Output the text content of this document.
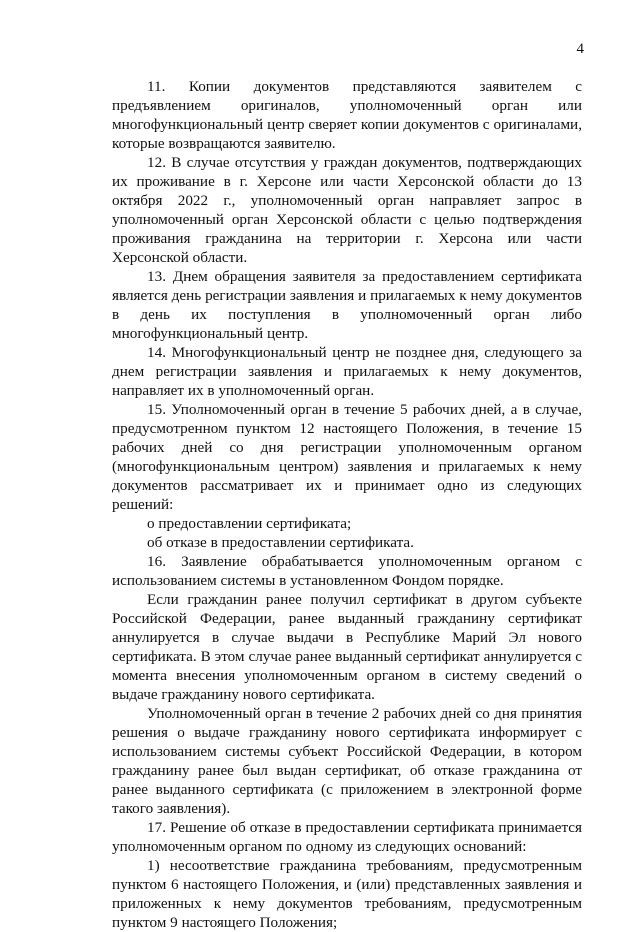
4

11. Копии документов представляются заявителем с предъявлением оригиналов, уполномоченный орган или многофункциональный центр сверяет копии документов с оригиналами, которые возвращаются заявителю.

12. В случае отсутствия у граждан документов, подтверждающих их проживание в г. Херсоне или части Херсонской области до 13 октября 2022 г., уполномоченный орган направляет запрос в уполномоченный орган Херсонской области с целью подтверждения проживания гражданина на территории г. Херсона или части Херсонской области.

13. Днем обращения заявителя за предоставлением сертификата является день регистрации заявления и прилагаемых к нему документов в день их поступления в уполномоченный орган либо многофункциональный центр.

14. Многофункциональный центр не позднее дня, следующего за днем регистрации заявления и прилагаемых к нему документов, направляет их в уполномоченный орган.

15. Уполномоченный орган в течение 5 рабочих дней, а в случае, предусмотренном пунктом 12 настоящего Положения, в течение 15 рабочих дней со дня регистрации уполномоченным органом (многофункциональным центром) заявления и прилагаемых к нему документов рассматривает их и принимает одно из следующих решений:

о предоставлении сертификата;

об отказе в предоставлении сертификата.

16. Заявление обрабатывается уполномоченным органом с использованием системы в установленном Фондом порядке.

Если гражданин ранее получил сертификат в другом субъекте Российской Федерации, ранее выданный гражданину сертификат аннулируется в случае выдачи в Республике Марий Эл нового сертификата. В этом случае ранее выданный сертификат аннулируется с момента внесения уполномоченным органом в систему сведений о выдаче гражданину нового сертификата.

Уполномоченный орган в течение 2 рабочих дней со дня принятия решения о выдаче гражданину нового сертификата информирует с использованием системы субъект Российской Федерации, в котором гражданину ранее был выдан сертификат, об отказе гражданина от ранее выданного сертификата (с приложением в электронной форме такого заявления).

17. Решение об отказе в предоставлении сертификата принимается уполномоченным органом по одному из следующих оснований:

1) несоответствие гражданина требованиям, предусмотренным пунктом 6 настоящего Положения, и (или) представленных заявления и приложенных к нему документов требованиям, предусмотренным пунктом 9 настоящего Положения;
